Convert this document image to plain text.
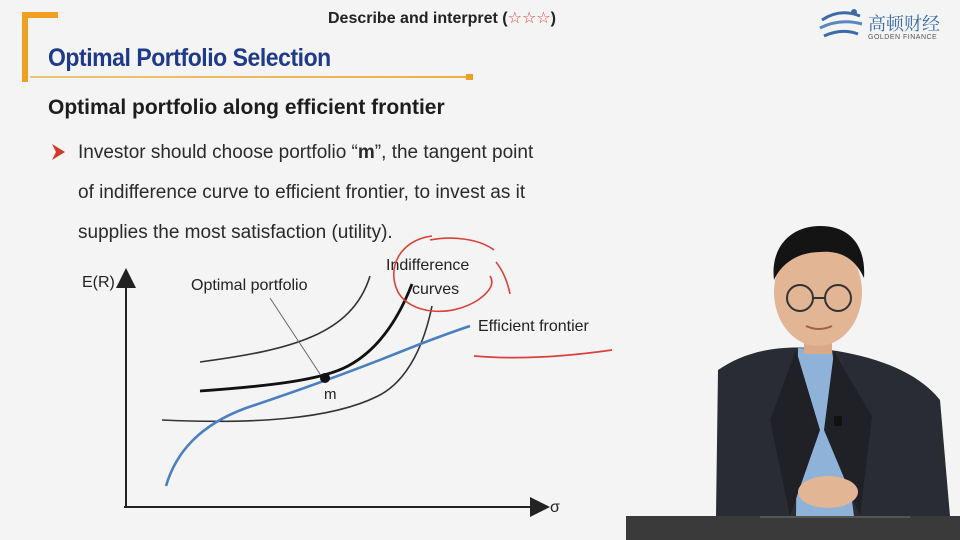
Describe and interpret (☆☆☆)
Optimal Portfolio Selection
高顿财经
GOLDEN FINANCE
Optimal portfolio along efficient frontier
Investor should choose portfolio “m”, the tangent point
of indifference curve to efficient frontier, to invest as it
supplies the most satisfaction (utility).
E(R)
σ
Optimal portfolio
m
Indifference
curves
Efficient frontier
